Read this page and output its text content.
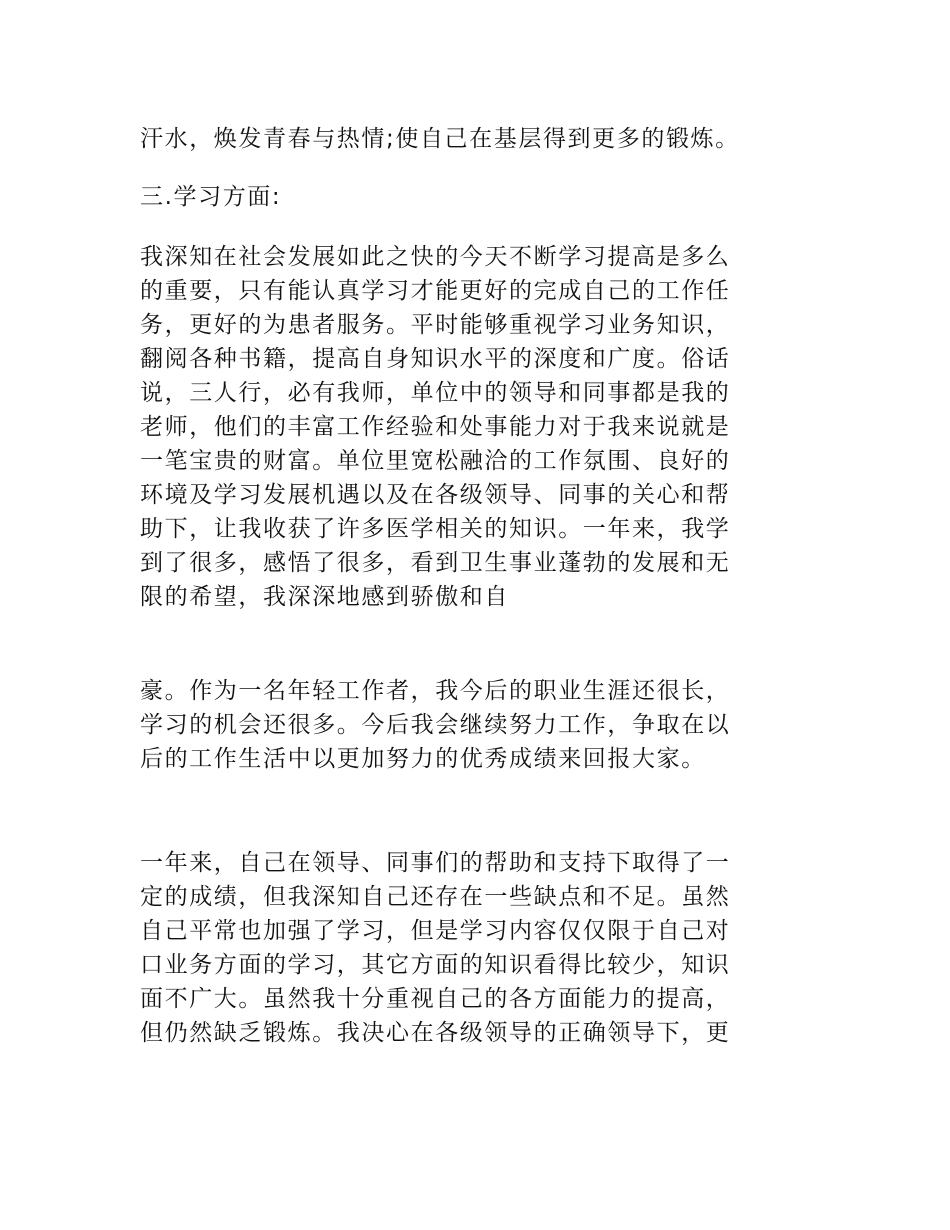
汗水，焕发青春与热情;使自己在基层得到更多的锻炼。

三.学习方面:

我深知在社会发展如此之快的今天不断学习提高是多么
的重要，只有能认真学习才能更好的完成自己的工作任
务，更好的为患者服务。平时能够重视学习业务知识，
翻阅各种书籍，提高自身知识水平的深度和广度。俗话
说，三人行，必有我师，单位中的领导和同事都是我的
老师，他们的丰富工作经验和处事能力对于我来说就是
一笔宝贵的财富。单位里宽松融洽的工作氛围、良好的
环境及学习发展机遇以及在各级领导、同事的关心和帮
助下，让我收获了许多医学相关的知识。一年来，我学
到了很多，感悟了很多，看到卫生事业蓬勃的发展和无
限的希望，我深深地感到骄傲和自

豪。作为一名年轻工作者，我今后的职业生涯还很长，
学习的机会还很多。今后我会继续努力工作，争取在以
后的工作生活中以更加努力的优秀成绩来回报大家。

一年来，自己在领导、同事们的帮助和支持下取得了一
定的成绩，但我深知自己还存在一些缺点和不足。虽然
自己平常也加强了学习，但是学习内容仅仅限于自己对
口业务方面的学习，其它方面的知识看得比较少，知识
面不广大。虽然我十分重视自己的各方面能力的提高，
但仍然缺乏锻炼。我决心在各级领导的正确领导下，更
